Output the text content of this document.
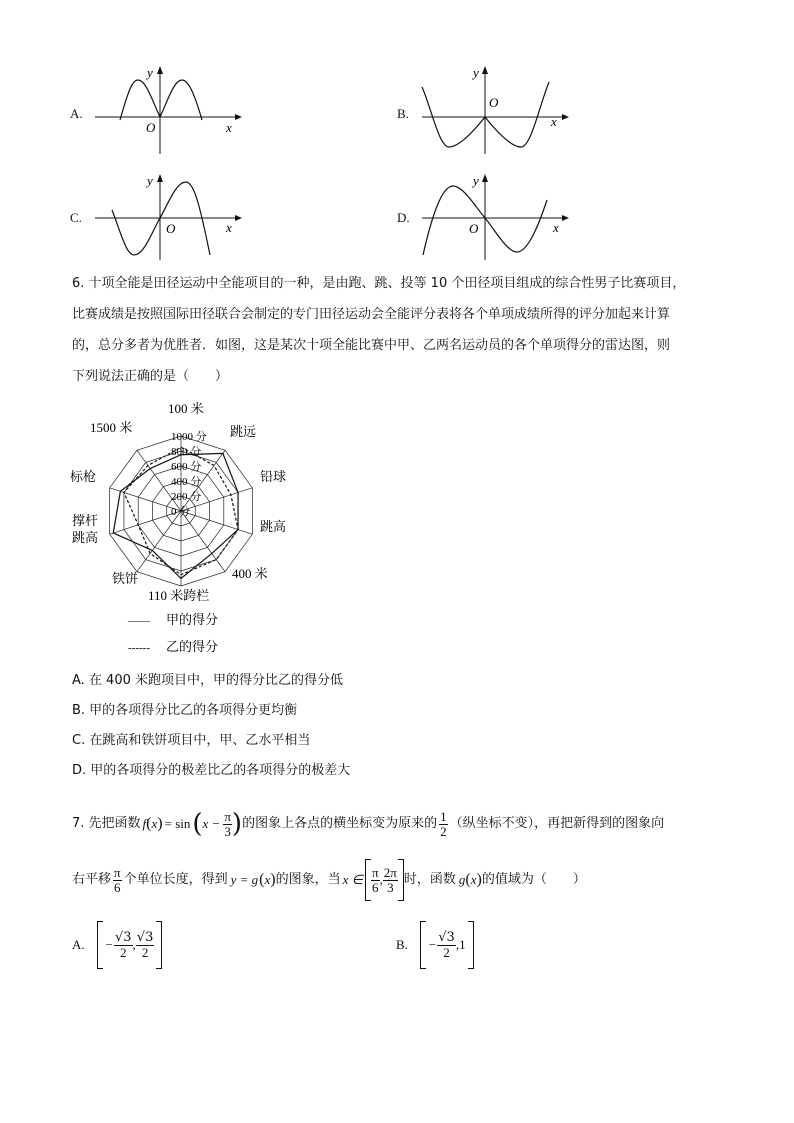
A.
y
x
O
B.
y
x
O
C.
y
x
O
D.
y
x
O
6. 十项全能是田径运动中全能项目的一种，是由跑、跳、投等 10 个田径项目组成的综合性男子比赛项目，
比赛成绩是按照国际田径联合会制定的专门田径运动会全能评分表将各个单项成绩所得的评分加起来计算
的，总分多者为优胜者．如图，这是某次十项全能比赛中甲、乙两名运动员的各个单项得分的雷达图，则
下列说法正确的是（　　）
0 分
200 分
400 分
600 分
800 分
1000 分
100 米
跳远
铅球
跳高
400 米
110 米跨栏
铁饼
撑杆
跳高
标枪
1500 米
—— 甲的得分
------ 乙的得分
A. 在 400 米跑项目中，甲的得分比乙的得分低
B. 甲的各项得分比乙的各项得分更均衡
C. 在跳高和铁饼项目中，甲、乙水平相当
D. 甲的各项得分的极差比乙的各项得分的极差大
7. 先把函数 f ( x ) = sin ( $x - \frac{\pi}{3}$ ) 的图象上各点的横坐标变为原来的 $\frac{1}{2}$ （纵坐标不变），再把新得到的图象向
右平移 $\frac{\pi}{6}$ 个单位长度，得到 y = g ( x ) 的图象，当 x ∈ $\frac{\pi}{6}$ , $\frac{2\pi}{3}$ 时，函数 g ( x ) 的值域为（　　）
A. − $\frac{√3}{2}$ , $\frac{√3}{2}$	B. − $\frac{√3}{2}$ , 1
